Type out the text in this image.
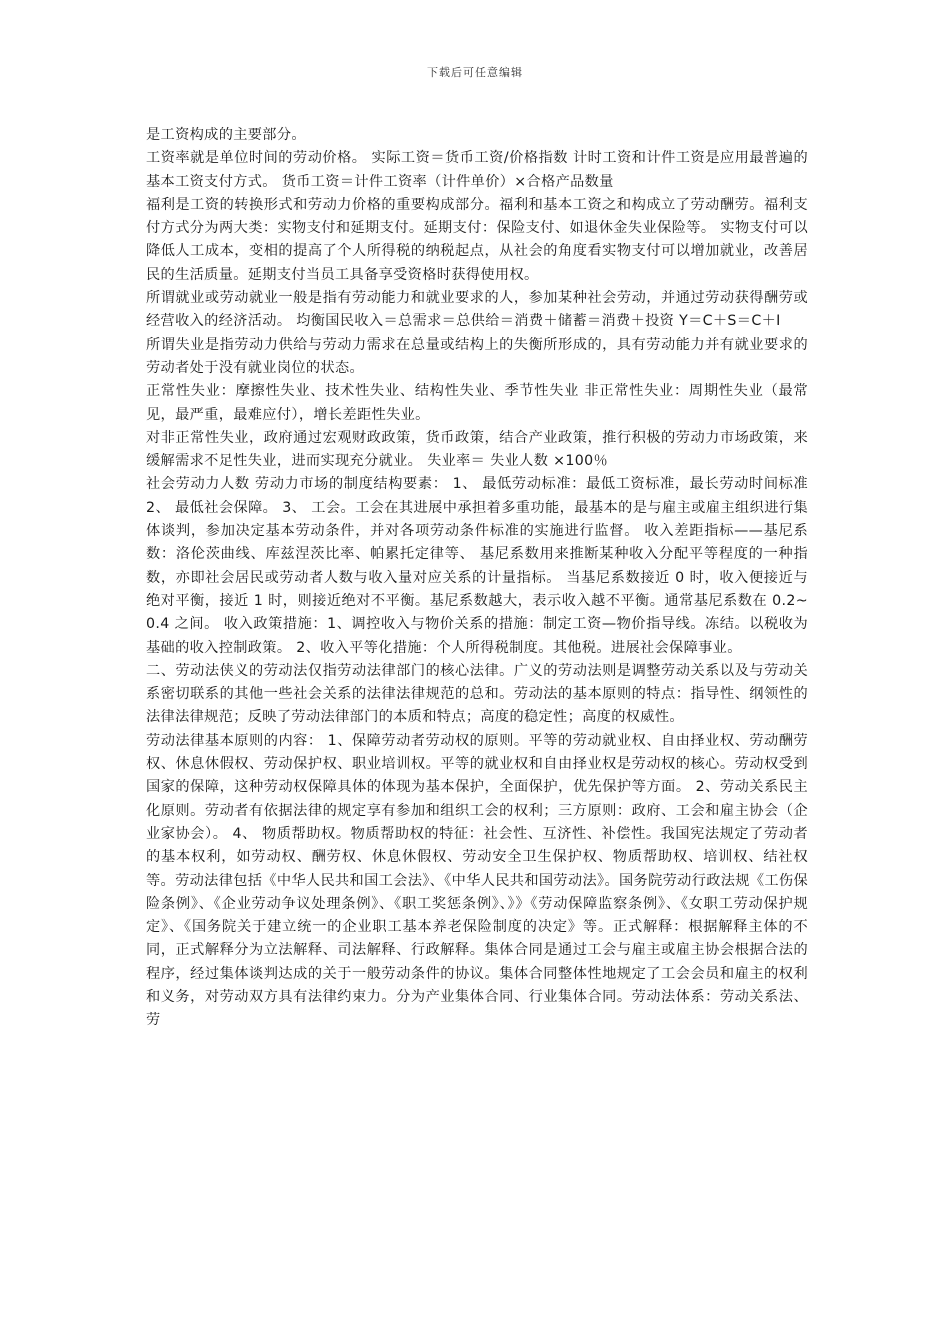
下载后可任意编辑

是工资构成的主要部分。

工资率就是单位时间的劳动价格。 实际工资＝货币工资/价格指数 计时工资和计件工资是应用最普遍的基本工资支付方式。 货币工资＝计件工资率（计件单价）×合格产品数量

福利是工资的转换形式和劳动力价格的重要构成部分。福利和基本工资之和构成立了劳动酬劳。福利支付方式分为两大类：实物支付和延期支付。延期支付：保险支付、如退休金失业保险等。 实物支付可以降低人工成本，变相的提高了个人所得税的纳税起点，从社会的角度看实物支付可以增加就业，改善居民的生活质量。延期支付当员工具备享受资格时获得使用权。

所谓就业或劳动就业一般是指有劳动能力和就业要求的人，参加某种社会劳动，并通过劳动获得酬劳或经营收入的经济活动。 均衡国民收入＝总需求＝总供给＝消费＋储蓄＝消费＋投资 Y＝C＋S＝C＋I

所谓失业是指劳动力供给与劳动力需求在总量或结构上的失衡所形成的，具有劳动能力并有就业要求的劳动者处于没有就业岗位的状态。

正常性失业：摩擦性失业、技术性失业、结构性失业、季节性失业 非正常性失业：周期性失业（最常见，最严重，最难应付），增长差距性失业。

对非正常性失业，政府通过宏观财政政策，货币政策，结合产业政策，推行积极的劳动力市场政策，来缓解需求不足性失业，进而实现充分就业。 失业率＝ 失业人数 ×100％

社会劳动力人数 劳动力市场的制度结构要素： 1、 最低劳动标准：最低工资标准，最长劳动时间标准 2、 最低社会保障。 3、 工会。工会在其进展中承担着多重功能，最基本的是与雇主或雇主组织进行集体谈判，参加决定基本劳动条件，并对各项劳动条件标准的实施进行监督。 收入差距指标——基尼系数：洛伦茨曲线、库兹涅茨比率、帕累托定律等、 基尼系数用来推断某种收入分配平等程度的一种指数，亦即社会居民或劳动者人数与收入量对应关系的计量指标。 当基尼系数接近 0 时，收入便接近与绝对平衡，接近 1 时，则接近绝对不平衡。基尼系数越大，表示收入越不平衡。通常基尼系数在 0.2~0.4 之间。 收入政策措施：1、调控收入与物价关系的措施：制定工资—物价指导线。冻结。以税收为基础的收入控制政策。 2、收入平等化措施：个人所得税制度。其他税。进展社会保障事业。

二、劳动法侠义的劳动法仅指劳动法律部门的核心法律。广义的劳动法则是调整劳动关系以及与劳动关系密切联系的其他一些社会关系的法律法律规范的总和。劳动法的基本原则的特点：指导性、纲领性的法律法律规范；反映了劳动法律部门的本质和特点；高度的稳定性；高度的权威性。

劳动法律基本原则的内容： 1、保障劳动者劳动权的原则。平等的劳动就业权、自由择业权、劳动酬劳权、休息休假权、劳动保护权、职业培训权。平等的就业权和自由择业权是劳动权的核心。劳动权受到国家的保障，这种劳动权保障具体的体现为基本保护，全面保护，优先保护等方面。 2、劳动关系民主化原则。劳动者有依据法律的规定享有参加和组织工会的权利；三方原则：政府、工会和雇主协会（企业家协会）。 4、 物质帮助权。物质帮助权的特征：社会性、互济性、补偿性。我国宪法规定了劳动者的基本权利，如劳动权、酬劳权、休息休假权、劳动安全卫生保护权、物质帮助权、培训权、结社权等。劳动法律包括《中华人民共和国工会法》、《中华人民共和国劳动法》。国务院劳动行政法规《工伤保险条例》、《企业劳动争议处理条例》、《职工奖惩条例》、》》《劳动保障监察条例》、《女职工劳动保护规定》、《国务院关于建立统一的企业职工基本养老保险制度的决定》等。正式解释：根据解释主体的不同，正式解释分为立法解释、司法解释、行政解释。集体合同是通过工会与雇主或雇主协会根据合法的程序，经过集体谈判达成的关于一般劳动条件的协议。集体合同整体性地规定了工会会员和雇主的权利和义务，对劳动双方具有法律约束力。分为产业集体合同、行业集体合同。劳动法体系：劳动关系法、劳
